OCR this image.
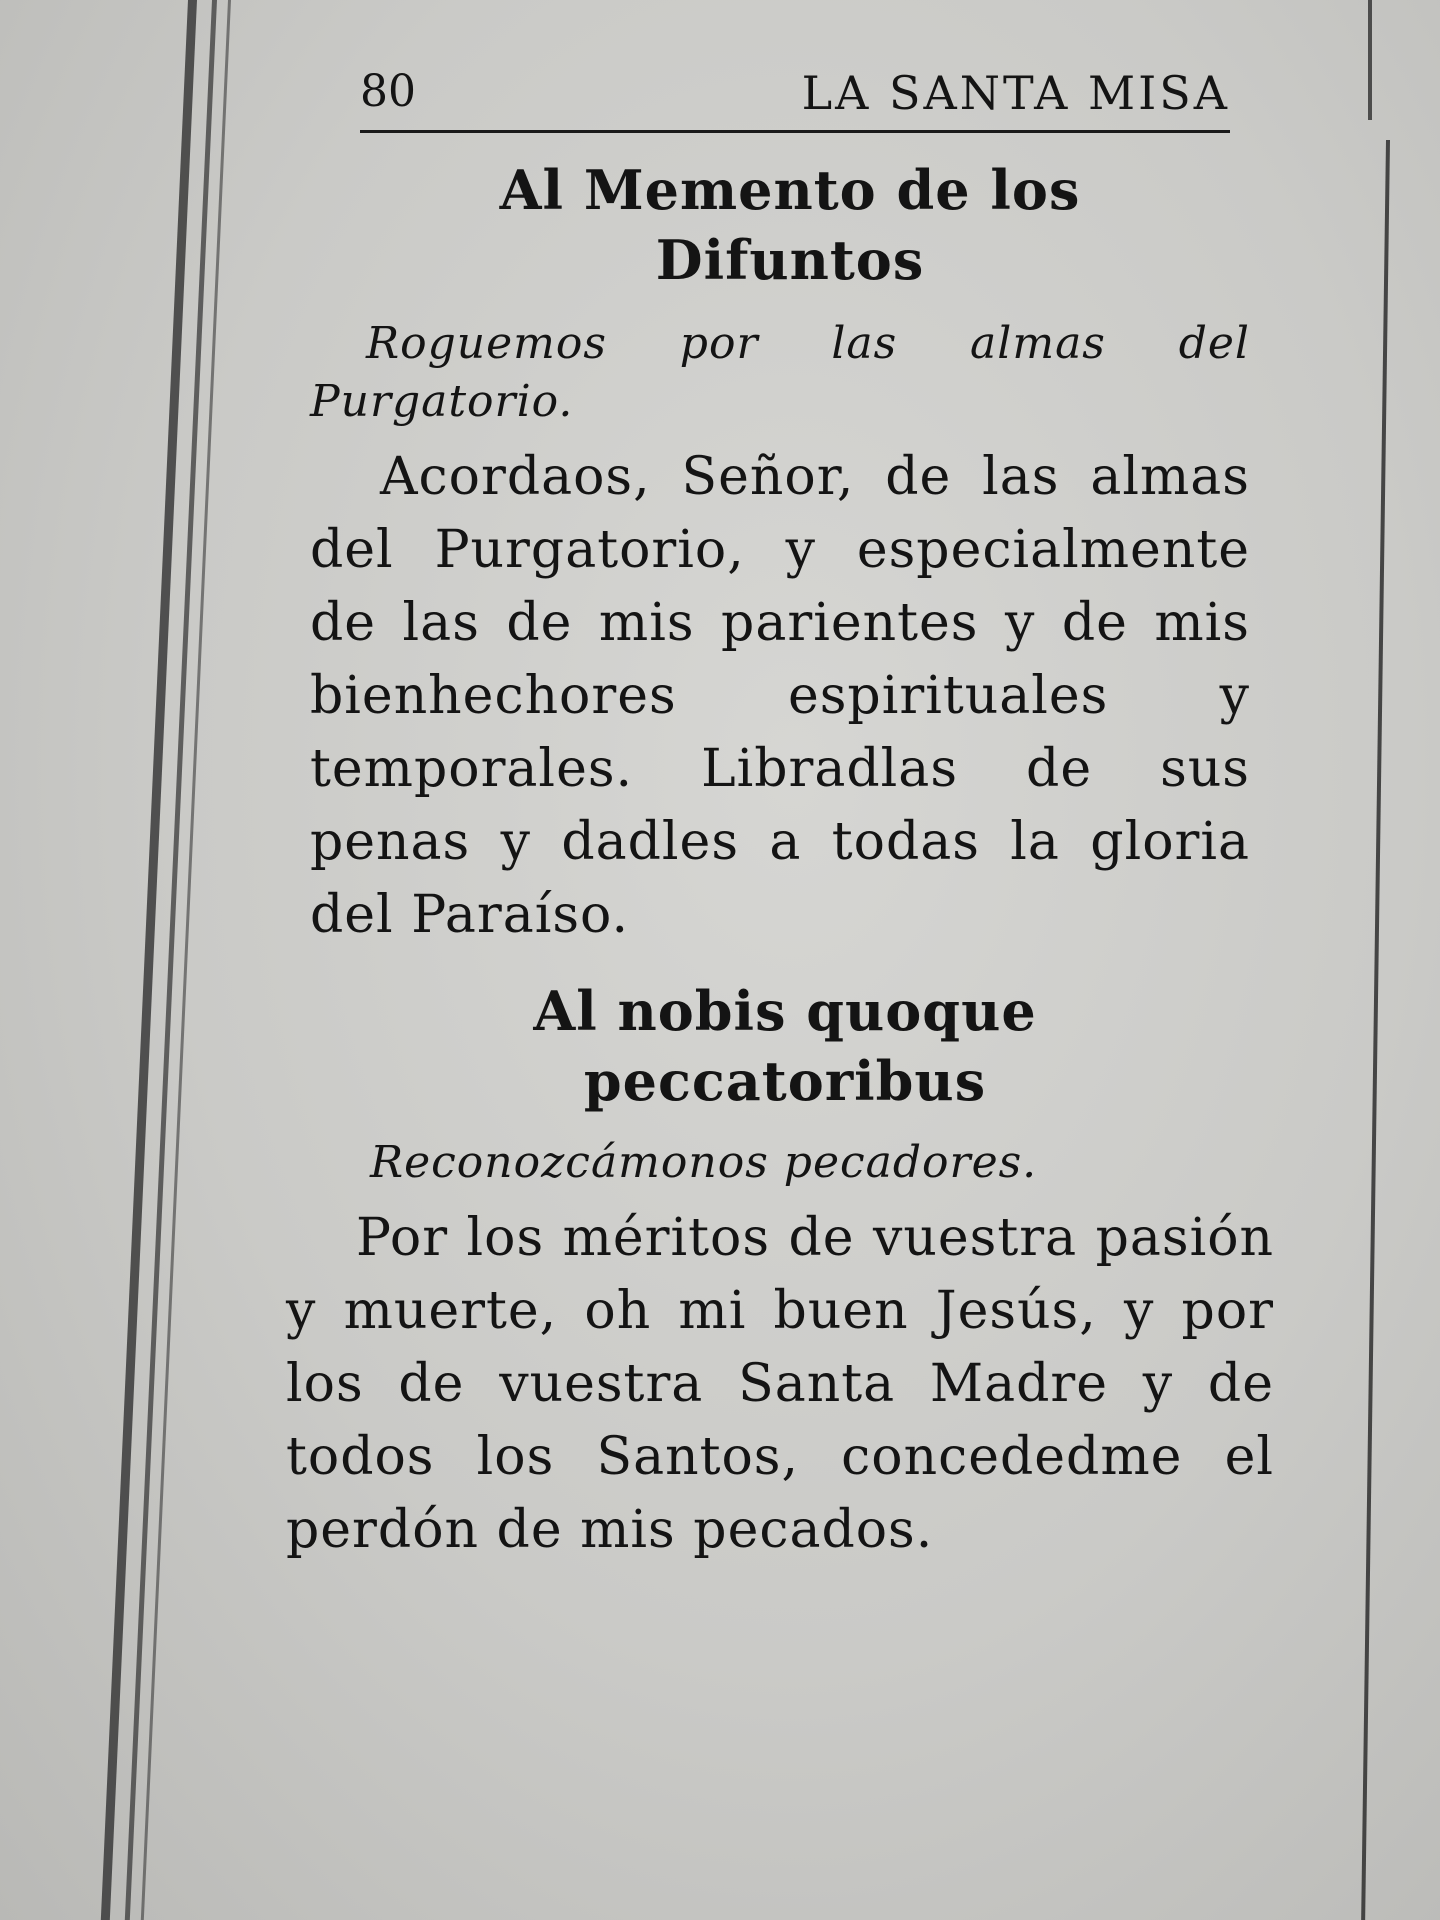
80	LA SANTA MISA
Al Memento de los
Difuntos

Roguemos por las almas del Purgatorio.

Acordaos, Señor, de las almas del Purgatorio, y especialmente de las de mis parientes y de mis bienhechores espirituales y temporales. Libradlas de sus penas y dadles a todas la gloria del Paraíso.

Al nobis quoque
peccatoribus

Reconozcámonos pecadores.

Por los méritos de vuestra pasión y muerte, oh mi buen Jesús, y por los de vuestra Santa Madre y de todos los Santos, concededme el perdón de mis pecados.
